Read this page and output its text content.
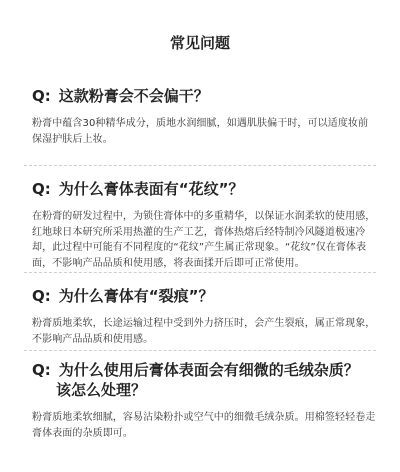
常见问题

Q: 这款粉膏会不会偏干？

粉膏中蕴含30种精华成分，质地水润细腻，如遇肌肤偏干时，可以适度妆前保湿护肤后上妆。

Q: 为什么膏体表面有“花纹”？

在粉膏的研发过程中，为锁住膏体中的多重精华，以保证水润柔软的使用感，红地球日本研究所采用热灌的生产工艺，膏体热熔后经特制冷风隧道极速冷却，此过程中可能有不同程度的“花纹”产生属正常现象。“花纹”仅在膏体表面，不影响产品品质和使用感，将表面揉开后即可正常使用。

Q: 为什么膏体有“裂痕”？

粉膏质地柔软，长途运输过程中受到外力挤压时，会产生裂痕，属正常现象，不影响产品品质和使用感。

Q: 为什么使用后膏体表面会有细微的毛绒杂质？
该怎么处理？

粉膏质地柔软细腻，容易沾染粉扑或空气中的细微毛绒杂质。用棉签轻轻卷走膏体表面的杂质即可。
